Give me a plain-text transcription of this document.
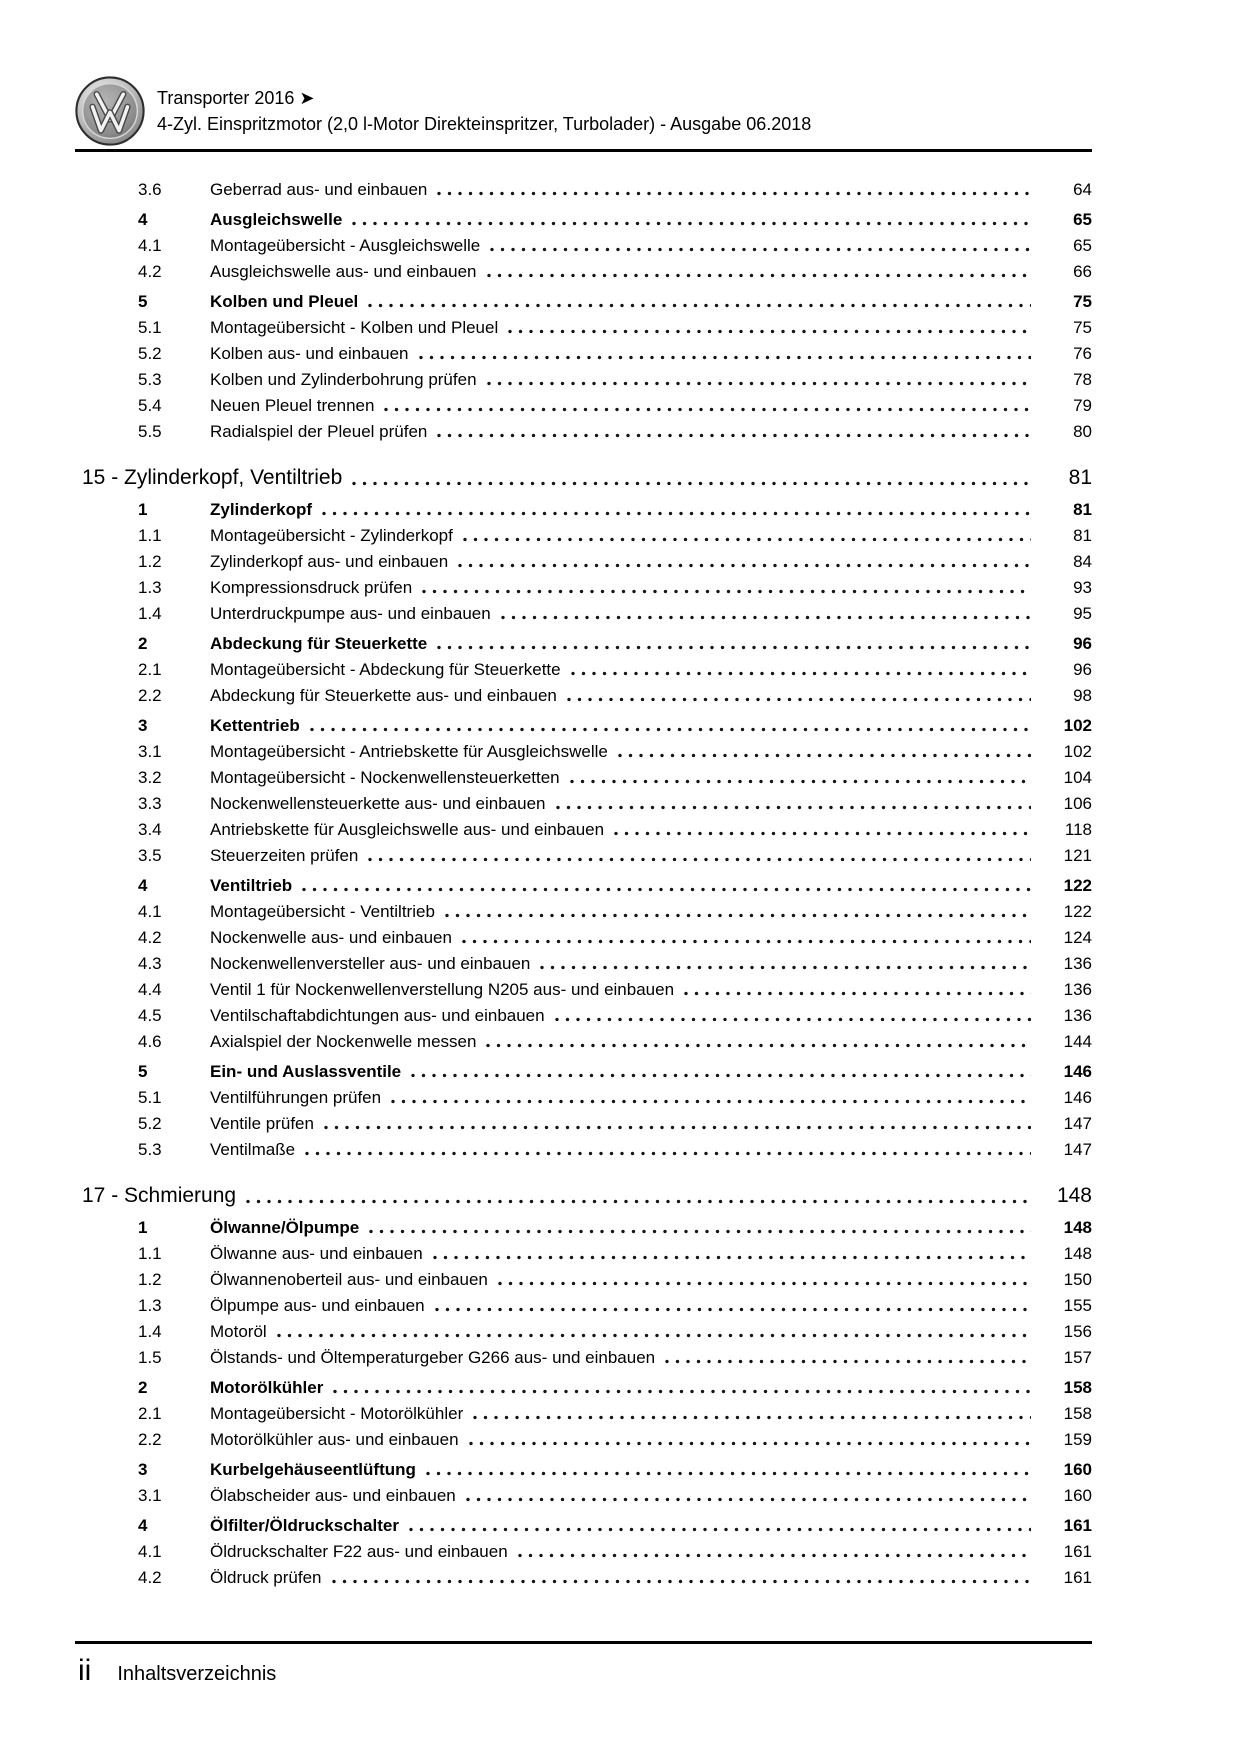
Transporter 2016 ➤
4-Zyl. Einspritzmotor (2,0 l-Motor Direkteinspritzer, Turbolader) - Ausgabe 06.2018
3.6	Geberrad aus- und einbauen	64
4	Ausgleichswelle	65
4.1	Montageübersicht - Ausgleichswelle	65
4.2	Ausgleichswelle aus- und einbauen	66
5	Kolben und Pleuel	75
5.1	Montageübersicht - Kolben und Pleuel	75
5.2	Kolben aus- und einbauen	76
5.3	Kolben und Zylinderbohrung prüfen	78
5.4	Neuen Pleuel trennen	79
5.5	Radialspiel der Pleuel prüfen	80
15 - Zylinderkopf, Ventiltrieb	81
1	Zylinderkopf	81
1.1	Montageübersicht - Zylinderkopf	81
1.2	Zylinderkopf aus- und einbauen	84
1.3	Kompressionsdruck prüfen	93
1.4	Unterdruckpumpe aus- und einbauen	95
2	Abdeckung für Steuerkette	96
2.1	Montageübersicht - Abdeckung für Steuerkette	96
2.2	Abdeckung für Steuerkette aus- und einbauen	98
3	Kettentrieb	102
3.1	Montageübersicht - Antriebskette für Ausgleichswelle	102
3.2	Montageübersicht - Nockenwellensteuerketten	104
3.3	Nockenwellensteuerkette aus- und einbauen	106
3.4	Antriebskette für Ausgleichswelle aus- und einbauen	118
3.5	Steuerzeiten prüfen	121
4	Ventiltrieb	122
4.1	Montageübersicht - Ventiltrieb	122
4.2	Nockenwelle aus- und einbauen	124
4.3	Nockenwellenversteller aus- und einbauen	136
4.4	Ventil 1 für Nockenwellenverstellung N205 aus- und einbauen	136
4.5	Ventilschaftabdichtungen aus- und einbauen	136
4.6	Axialspiel der Nockenwelle messen	144
5	Ein- und Auslassventile	146
5.1	Ventilführungen prüfen	146
5.2	Ventile prüfen	147
5.3	Ventilmaße	147
17 - Schmierung	148
1	Ölwanne/Ölpumpe	148
1.1	Ölwanne aus- und einbauen	148
1.2	Ölwannenoberteil aus- und einbauen	150
1.3	Ölpumpe aus- und einbauen	155
1.4	Motoröl	156
1.5	Ölstands- und Öltemperaturgeber G266 aus- und einbauen	157
2	Motorölkühler	158
2.1	Montageübersicht - Motorölkühler	158
2.2	Motorölkühler aus- und einbauen	159
3	Kurbelgehäuseentlüftung	160
3.1	Ölabscheider aus- und einbauen	160
4	Ölfilter/Öldruckschalter	161
4.1	Öldruckschalter F22 aus- und einbauen	161
4.2	Öldruck prüfen	161
ii Inhaltsverzeichnis
